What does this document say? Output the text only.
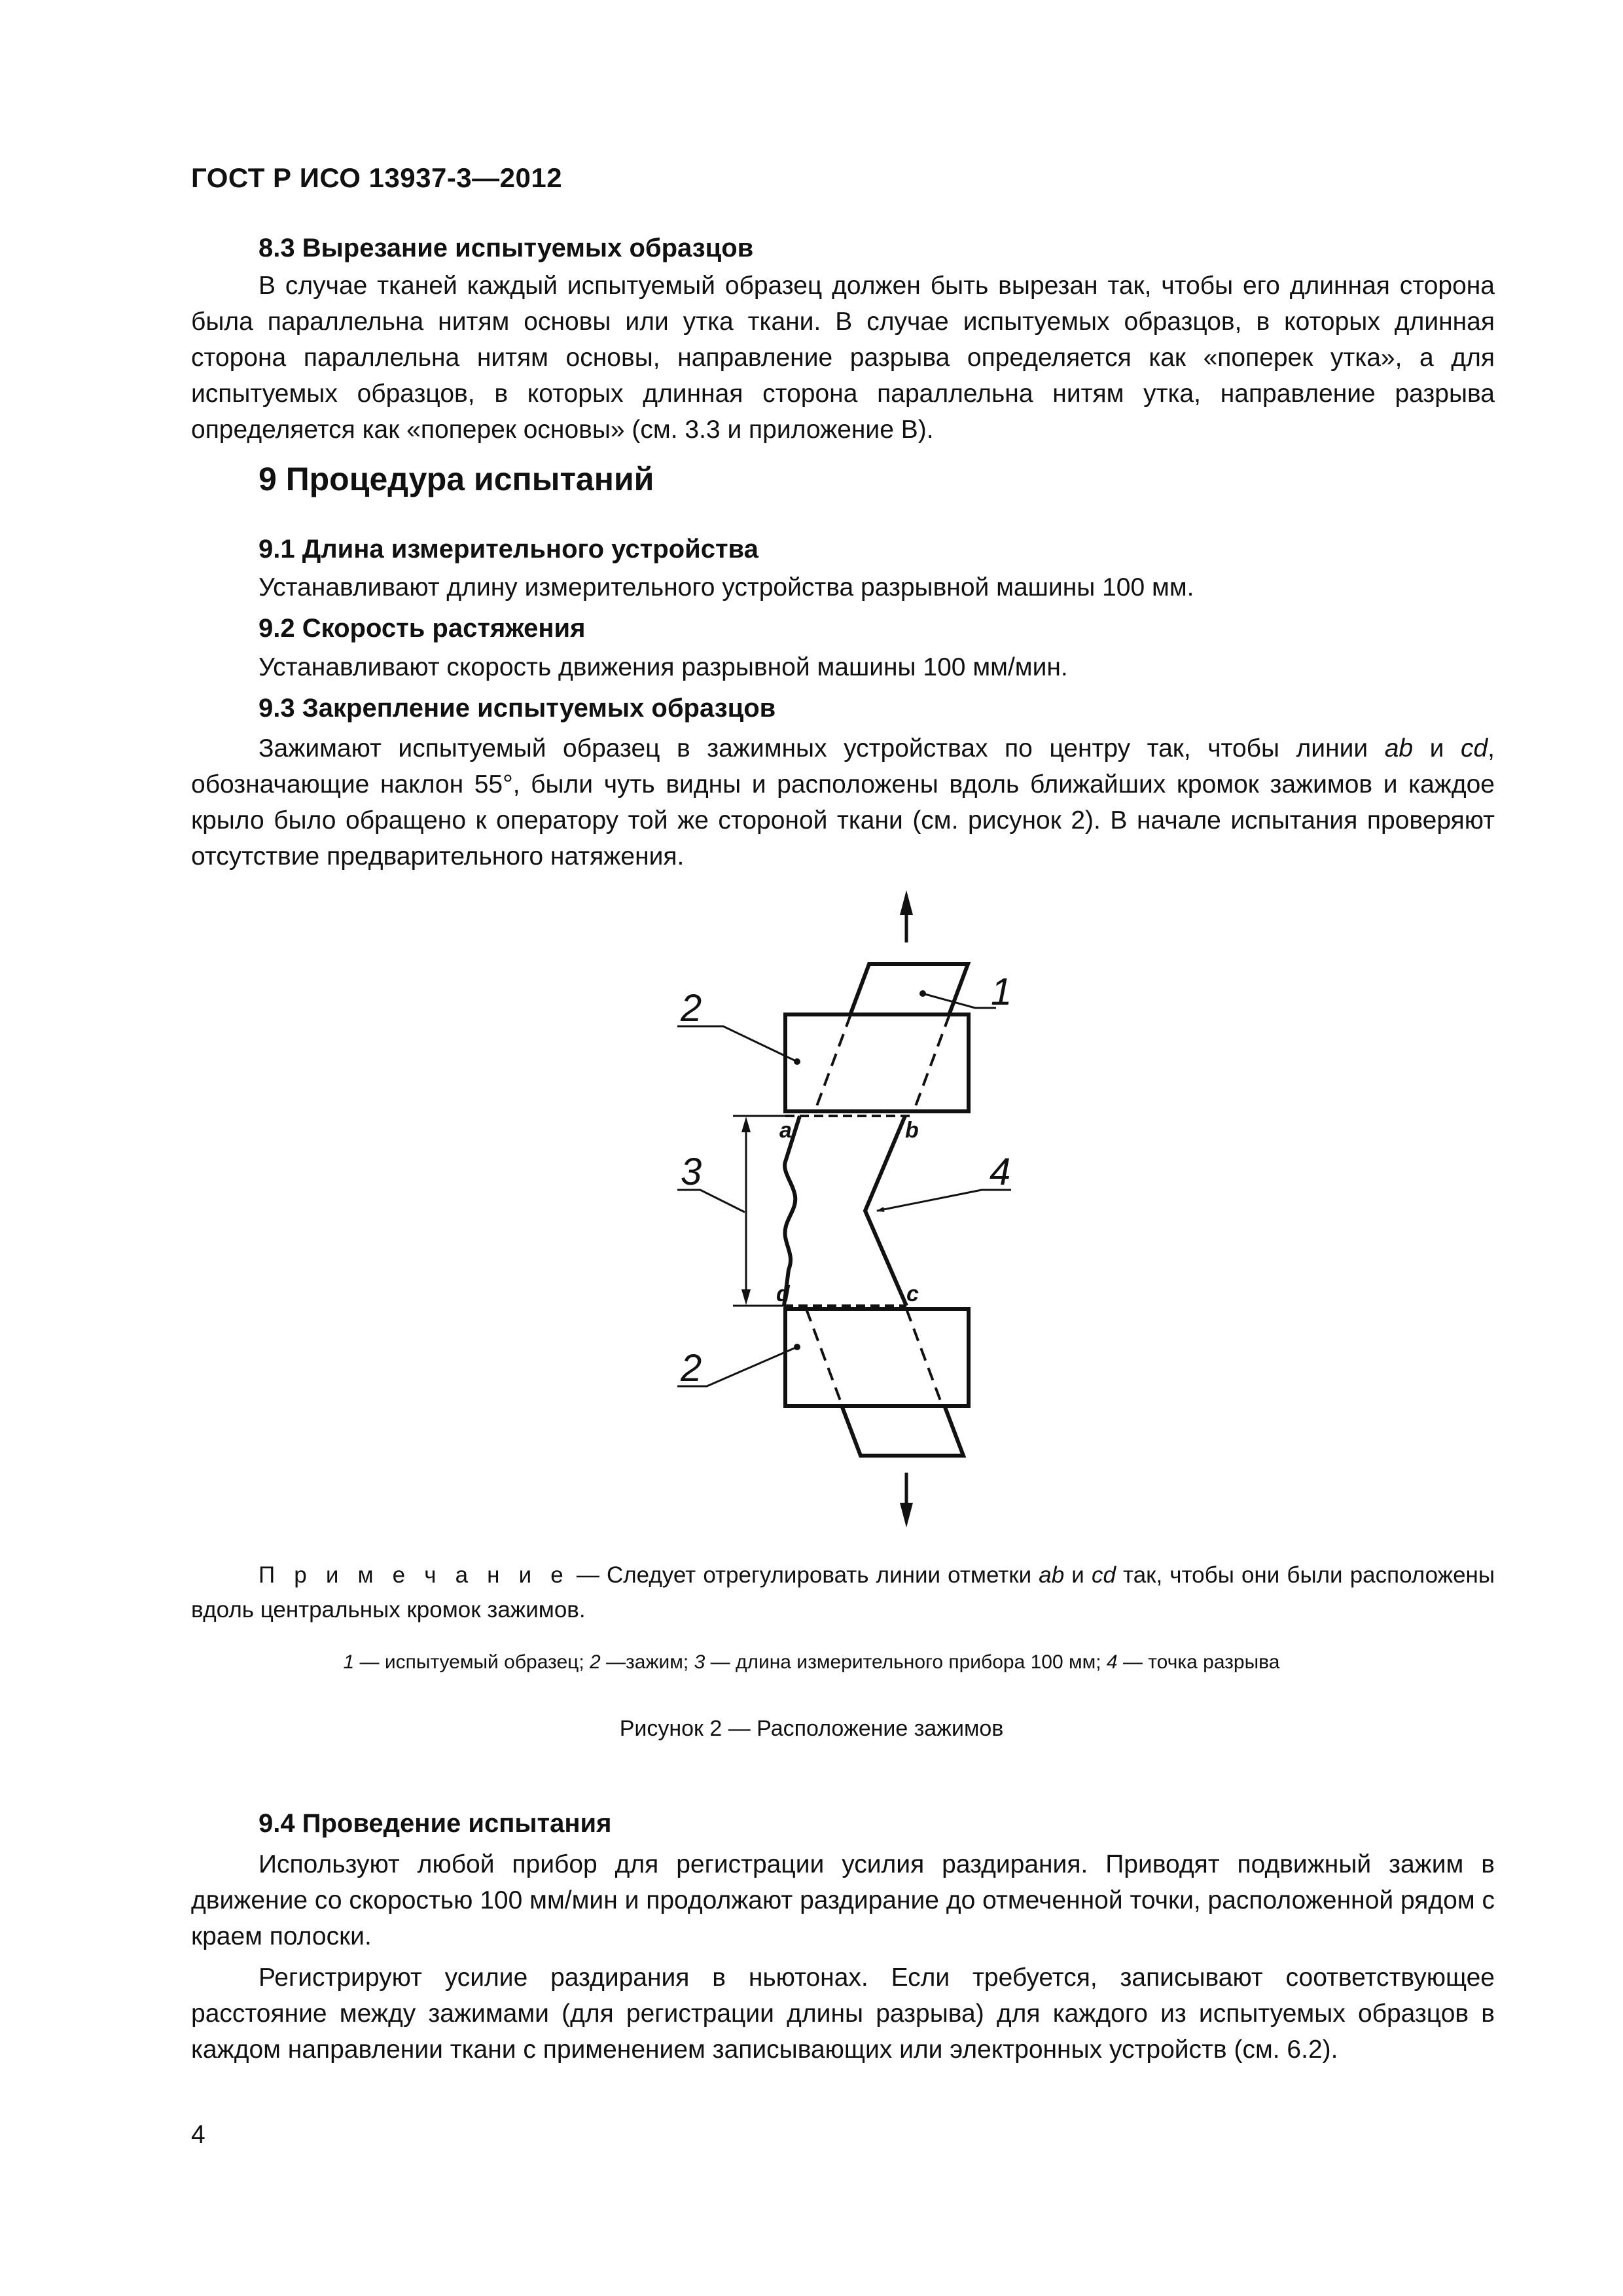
ГОСТ Р ИСО 13937-3—2012
8.3 Вырезание испытуемых образцов

В случае тканей каждый испытуемый образец должен быть вырезан так, чтобы его длинная сторона была параллельна нитям основы или утка ткани. В случае испытуемых образцов, в которых длинная сторона параллельна нитям основы, направление разрыва определяется как «поперек утка», а для испытуемых образцов, в которых длинная сторона параллельна нитям утка, направление разрыва определяется как «поперек основы» (см. 3.3 и приложение В).

9 Процедура испытаний
9.1 Длина измерительного устройства
Устанавливают длину измерительного устройства разрывной машины 100 мм.
9.2 Скорость растяжения
Устанавливают скорость движения разрывной машины 100 мм/мин.
9.3 Закрепление испытуемых образцов

Зажимают испытуемый образец в зажимных устройствах по центру так, чтобы линии ab и cd, обозначающие наклон 55°, были чуть видны и расположены вдоль ближайших кромок зажимов и каждое крыло было обращено к оператору той же стороной ткани (см. рисунок 2). В начале испытания проверяют отсутствие предварительного натяжения.

1
2
3	4
2
a	b
d	c

П р и м е ч а н и е — Следует отрегулировать линии отметки ab и cd так, чтобы они были расположены вдоль центральных кромок зажимов.

1 — испытуемый образец; 2 —зажим; 3 — длина измерительного прибора 100 мм; 4 — точка разрыва
Рисунок 2 — Расположение зажимов
9.4 Проведение испытания

Используют любой прибор для регистрации усилия раздирания. Приводят подвижный зажим в движение со скоростью 100 мм/мин и продолжают раздирание до отмеченной точки, расположенной рядом с краем полоски.

Регистрируют усилие раздирания в ньютонах. Если требуется, записывают соответствующее расстояние между зажимами (для регистрации длины разрыва) для каждого из испытуемых образцов в каждом направлении ткани с применением записывающих или электронных устройств (см. 6.2).

4
